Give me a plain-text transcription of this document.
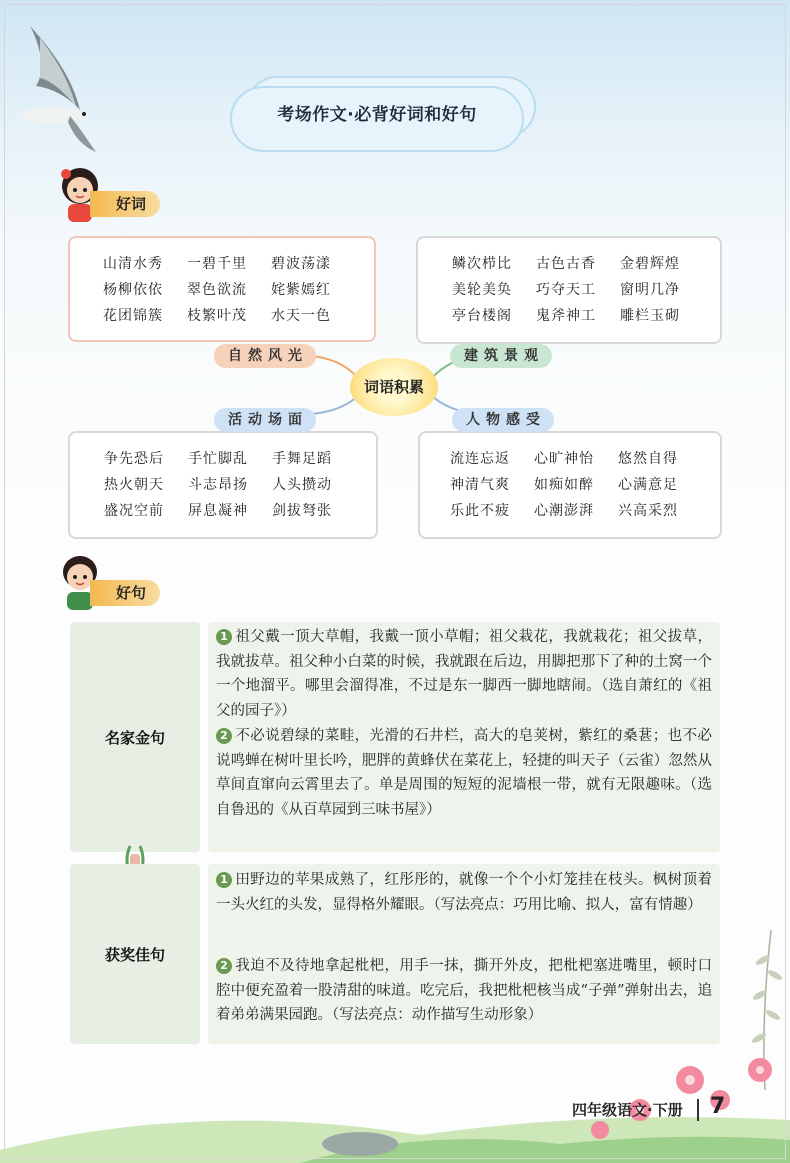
考场作文·必背好词和好句
好词
山清水秀	一碧千里	碧波荡漾
杨柳依依	翠色欲流	姹紫嫣红
花团锦簇	枝繁叶茂	水天一色
鳞次栉比	古色古香	金碧辉煌
美轮美奂	巧夺天工	窗明几净
亭台楼阁	鬼斧神工	雕栏玉砌
争先恐后	手忙脚乱	手舞足蹈
热火朝天	斗志昂扬	人头攒动
盛况空前	屏息凝神	剑拔弩张
流连忘返	心旷神怡	悠然自得
神清气爽	如痴如醉	心满意足
乐此不疲	心潮澎湃	兴高采烈
自然风光	建筑景观
活动场面	人物感受
词语积累
好句
名家金句
1 祖父戴一顶大草帽，我戴一顶小草帽；祖父栽花，我就栽花；祖父拔草，我就拔草。祖父种小白菜的时候，我就跟在后边，用脚把那下了种的土窝一个一个地溜平。哪里会溜得准，不过是东一脚西一脚地瞎闹。（选自萧红的《祖父的园子》）
2 不必说碧绿的菜畦，光滑的石井栏，高大的皂荚树，紫红的桑葚；也不必说鸣蝉在树叶里长吟，肥胖的黄蜂伏在菜花上，轻捷的叫天子（云雀）忽然从草间直窜向云霄里去了。单是周围的短短的泥墙根一带，就有无限趣味。（选自鲁迅的《从百草园到三味书屋》）
获奖佳句
1 田野边的苹果成熟了，红彤彤的，就像一个个小灯笼挂在枝头。枫树顶着一头火红的头发，显得格外耀眼。（写法亮点：巧用比喻、拟人，富有情趣）
2 我迫不及待地拿起枇杷，用手一抹，撕开外皮，把枇杷塞进嘴里，顿时口腔中便充盈着一股清甜的味道。吃完后，我把枇杷核当成“子弹”弹射出去，追着弟弟满果园跑。（写法亮点：动作描写生动形象）
四年级语文·下册 7
